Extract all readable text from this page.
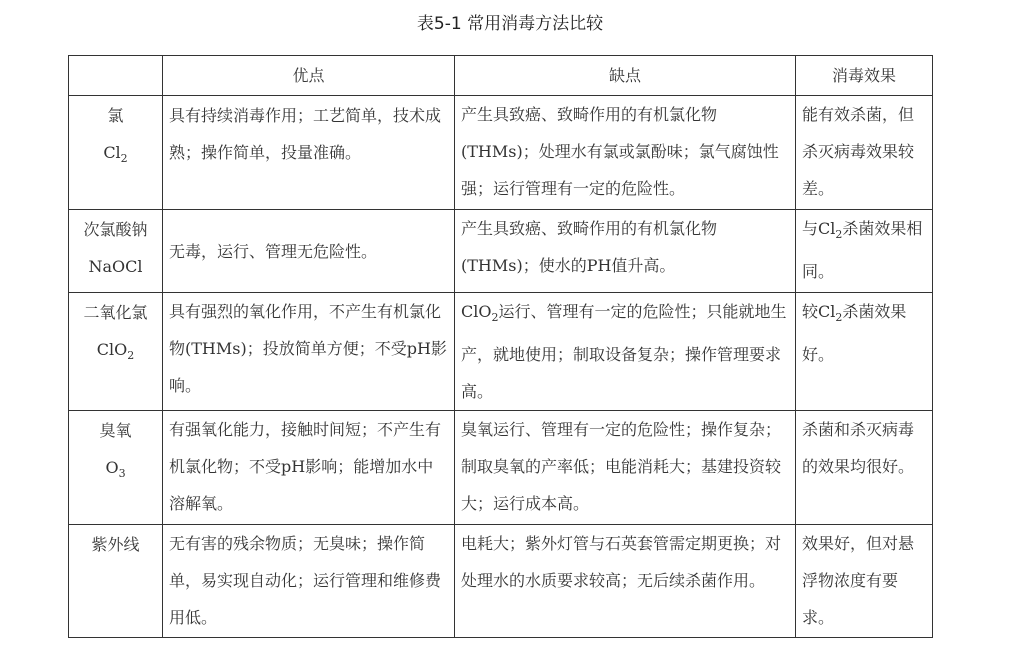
表5-1 常用消毒方法比较
	优点	缺点	消毒效果

氯
$Cl_2$	具有持续消毒作用；工艺简单，技术成熟；操作简单，投量准确。	产生具致癌、致畸作用的有机氯化物(THMs)；处理水有氯或氯酚味；氯气腐蚀性强；运行管理有一定的危险性。	能有效杀菌，但杀灭病毒效果较差。

次氯酸钠
NaOCl	无毒，运行、管理无危险性。	产生具致癌、致畸作用的有机氯化物(THMs)；使水的PH值升高。	与$Cl_2$杀菌效果相同。

二氧化氯
ClO$_2$	具有强烈的氧化作用，不产生有机氯化物(THMs)；投放简单方便；不受pH影响。	ClO$_2$运行、管理有一定的危险性；只能就地生产，就地使用；制取设备复杂；操作管理要求高。	较$Cl_2$杀菌效果好。

臭氧
$O_3$	有强氧化能力，接触时间短；不产生有机氯化物；不受pH影响；能增加水中溶解氧。	臭氧运行、管理有一定的危险性；操作复杂；制取臭氧的产率低；电能消耗大；基建投资较大；运行成本高。	杀菌和杀灭病毒的效果均很好。

紫外线	无有害的残余物质；无臭味；操作简单，易实现自动化；运行管理和维修费用低。	电耗大；紫外灯管与石英套管需定期更换；对处理水的水质要求较高；无后续杀菌作用。	效果好，但对悬浮物浓度有要求。
